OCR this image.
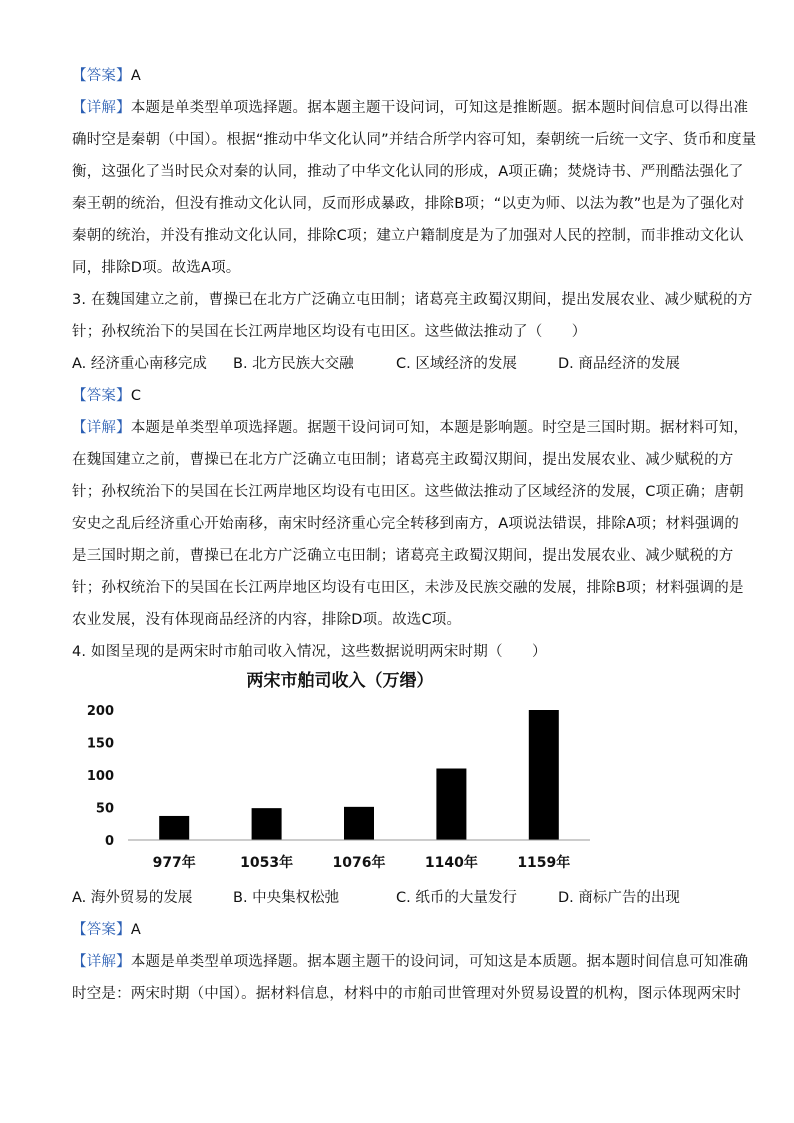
【答案】A
【详解】本题是单类型单项选择题。据本题主题干设问词，可知这是推断题。据本题时间信息可以得出准
确时空是秦朝（中国）。根据“推动中华文化认同”并结合所学内容可知，秦朝统一后统一文字、货币和度量
衡，这强化了当时民众对秦的认同，推动了中华文化认同的形成，A项正确；焚烧诗书、严刑酷法强化了
秦王朝的统治，但没有推动文化认同，反而形成暴政，排除B项；“以吏为师、以法为教”也是为了强化对
秦朝的统治，并没有推动文化认同，排除C项；建立户籍制度是为了加强对人民的控制，而非推动文化认
同，排除D项。故选A项。
3. 在魏国建立之前，曹操已在北方广泛确立屯田制；诸葛亮主政蜀汉期间，提出发展农业、减少赋税的方
针；孙权统治下的吴国在长江两岸地区均设有屯田区。这些做法推动了（　　）
A. 经济重心南移完成 B. 北方民族大交融	C. 区域经济的发展	D. 商品经济的发展
【答案】C
【详解】本题是单类型单项选择题。据题干设问词可知，本题是影响题。时空是三国时期。据材料可知，
在魏国建立之前，曹操已在北方广泛确立屯田制；诸葛亮主政蜀汉期间，提出发展农业、减少赋税的方
针；孙权统治下的吴国在长江两岸地区均设有屯田区。这些做法推动了区域经济的发展，C项正确；唐朝
安史之乱后经济重心开始南移，南宋时经济重心完全转移到南方，A项说法错误，排除A项；材料强调的
是三国时期之前，曹操已在北方广泛确立屯田制；诸葛亮主政蜀汉期间，提出发展农业、减少赋税的方
针；孙权统治下的吴国在长江两岸地区均设有屯田区，未涉及民族交融的发展，排除B项；材料强调的是
农业发展，没有体现商品经济的内容，排除D项。故选C项。
4. 如图呈现的是两宋时市舶司收入情况，这些数据说明两宋时期（　　）
两宋市舶司收入（万缗）
0
50
100
150
200
977年	1053年	1076年	1140年	1159年
A. 海外贸易的发展	B. 中央集权松弛	C. 纸币的大量发行	D. 商标广告的出现
【答案】A
【详解】本题是单类型单项选择题。据本题主题干的设问词，可知这是本质题。据本题时间信息可知准确
时空是：两宋时期（中国）。据材料信息，材料中的市舶司世管理对外贸易设置的机构，图示体现两宋时
